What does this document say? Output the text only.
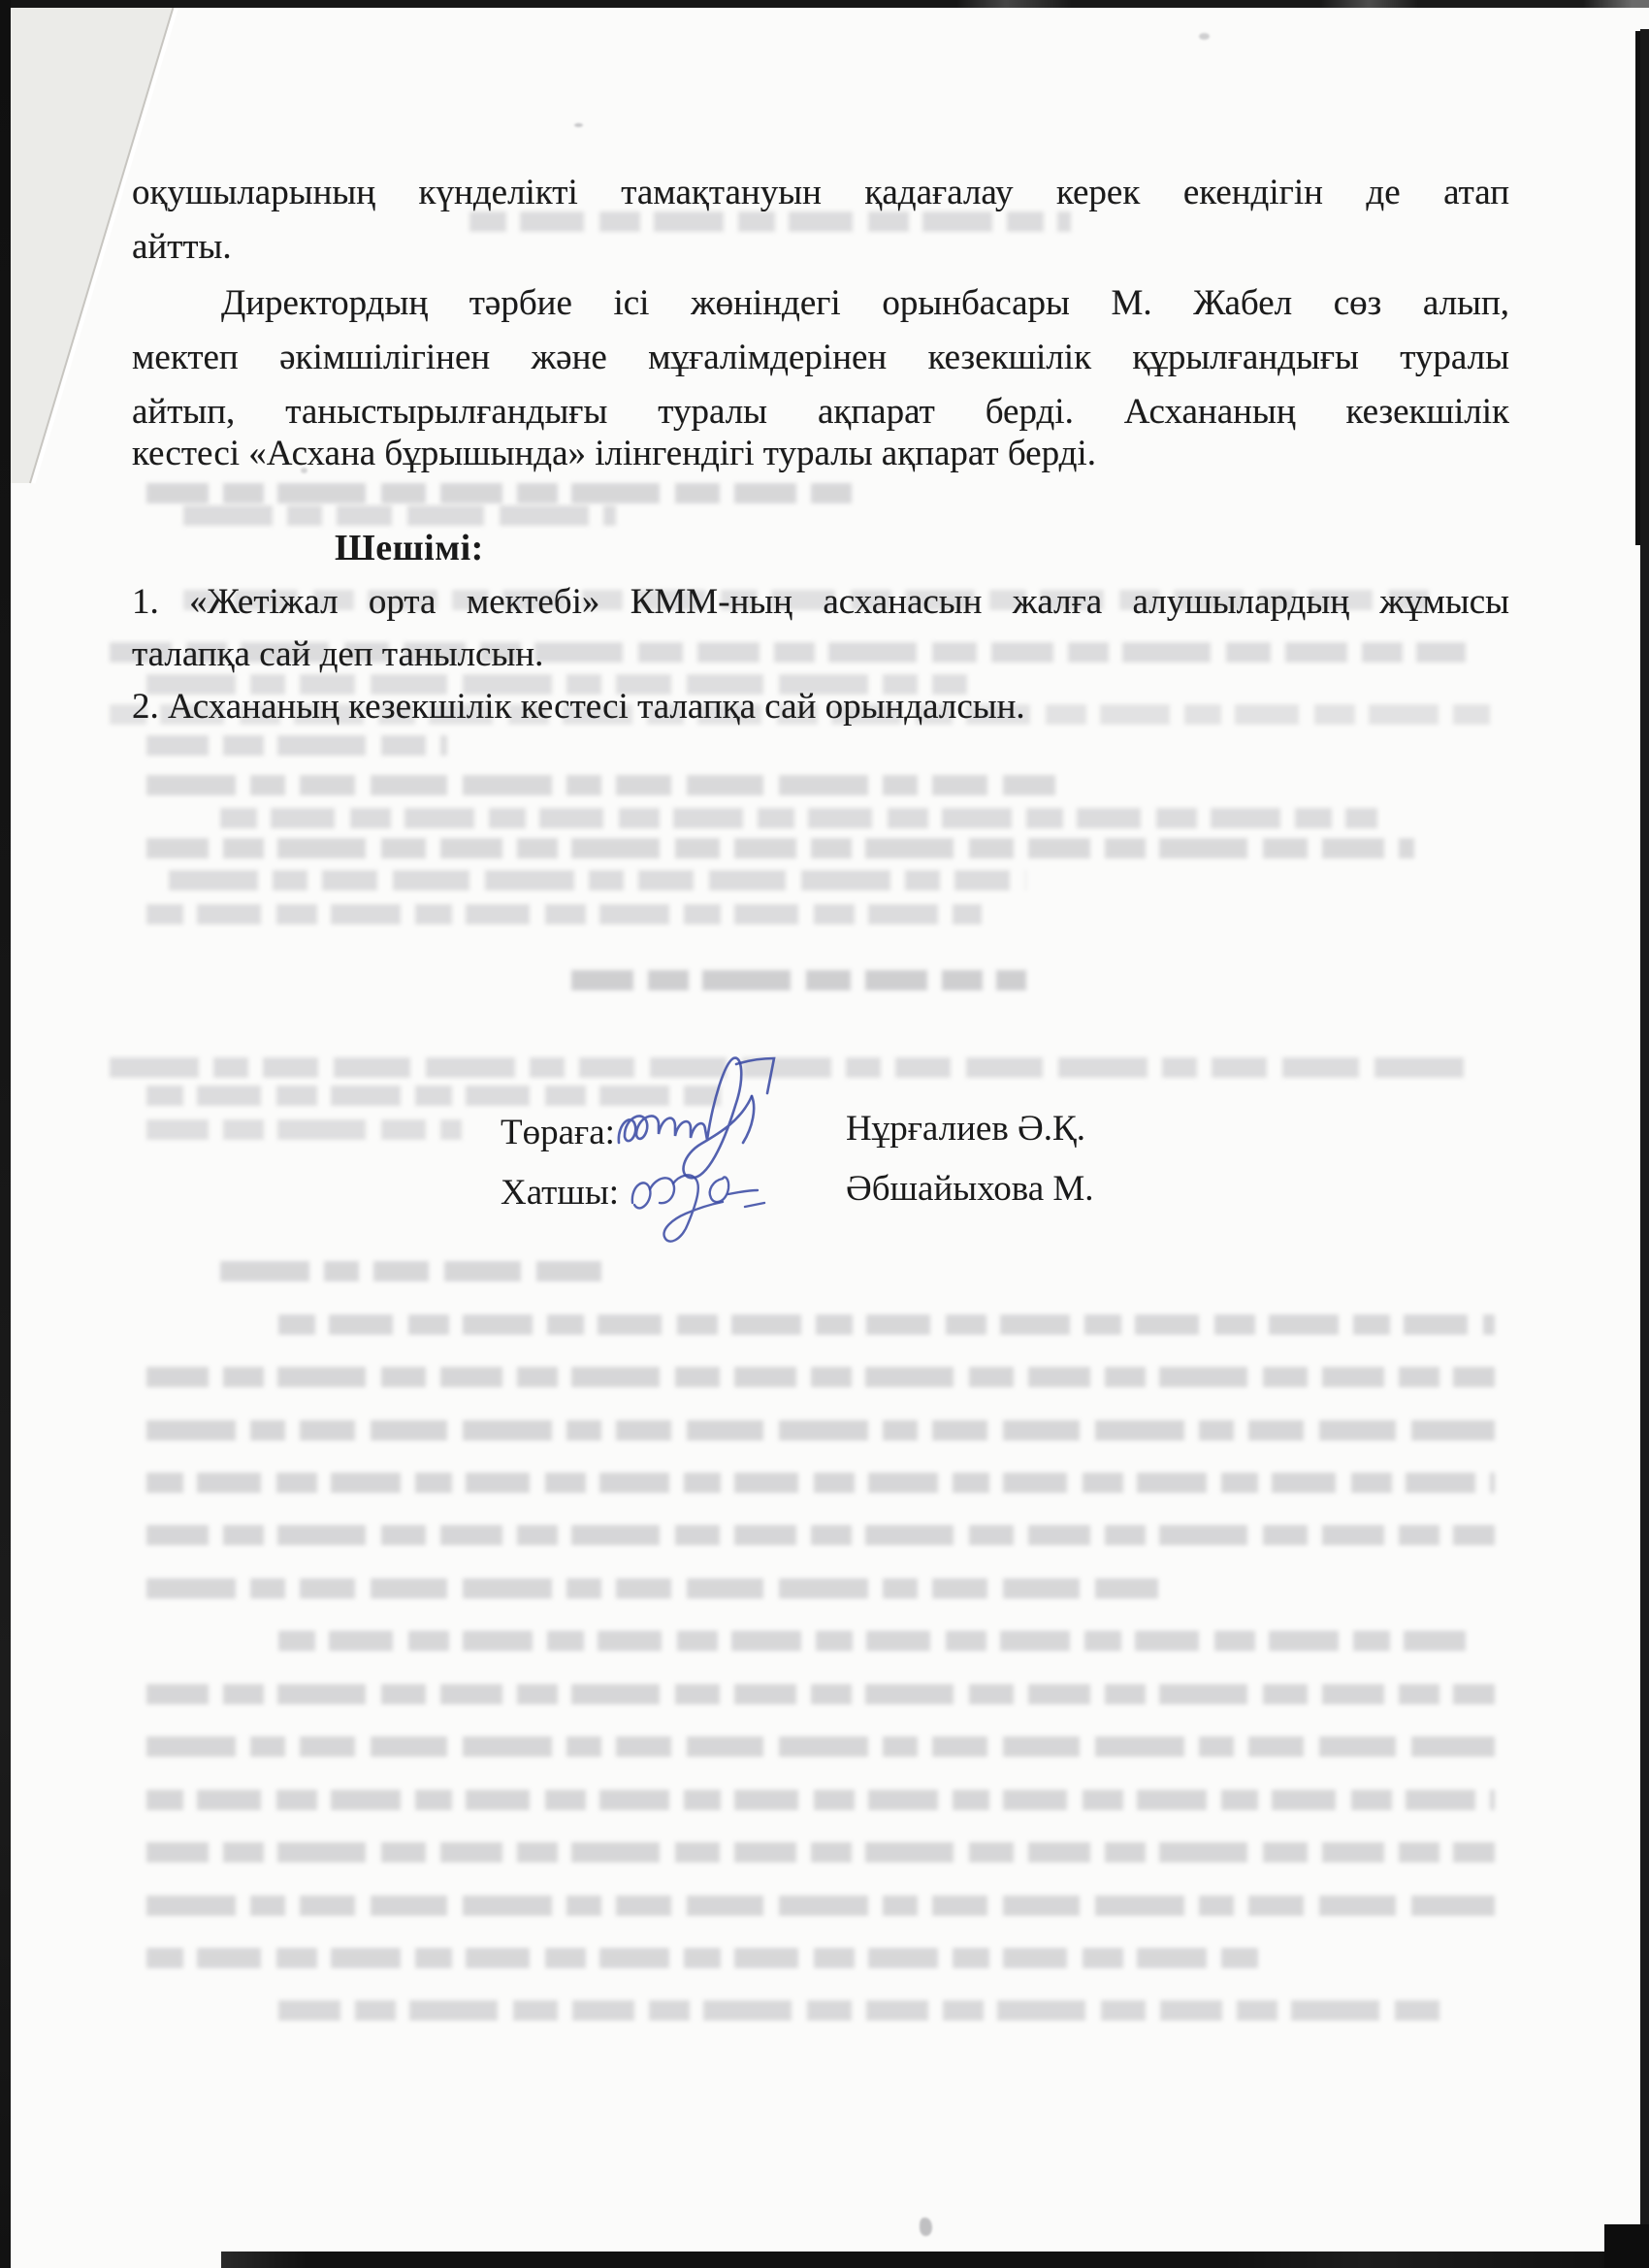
оқушыларының күнделікті тамақтануын қадағалау керек екендігін де атап
айтты.
Директордың тәрбие ісі жөніндегі орынбасары М. Жабел сөз алып,
мектеп әкімшілігінен және мұғалімдерінен кезекшілік құрылғандығы туралы
айтып, таныстырылғандығы туралы ақпарат берді. Асхананың кезекшілік
кестесі «Асхана бұрышында» ілінгендігі туралы ақпарат берді.
Шешімі:
1. «Жетіжал орта мектебі» КММ-ның асханасын жалға алушылардың жұмысы
талапқа сай деп танылсын.
2. Асхананың кезекшілік кестесі талапқа сай орындалсын.
Төраға:	Нұрғалиев Ә.Қ.
Хатшы:	Әбшайыхова М.
